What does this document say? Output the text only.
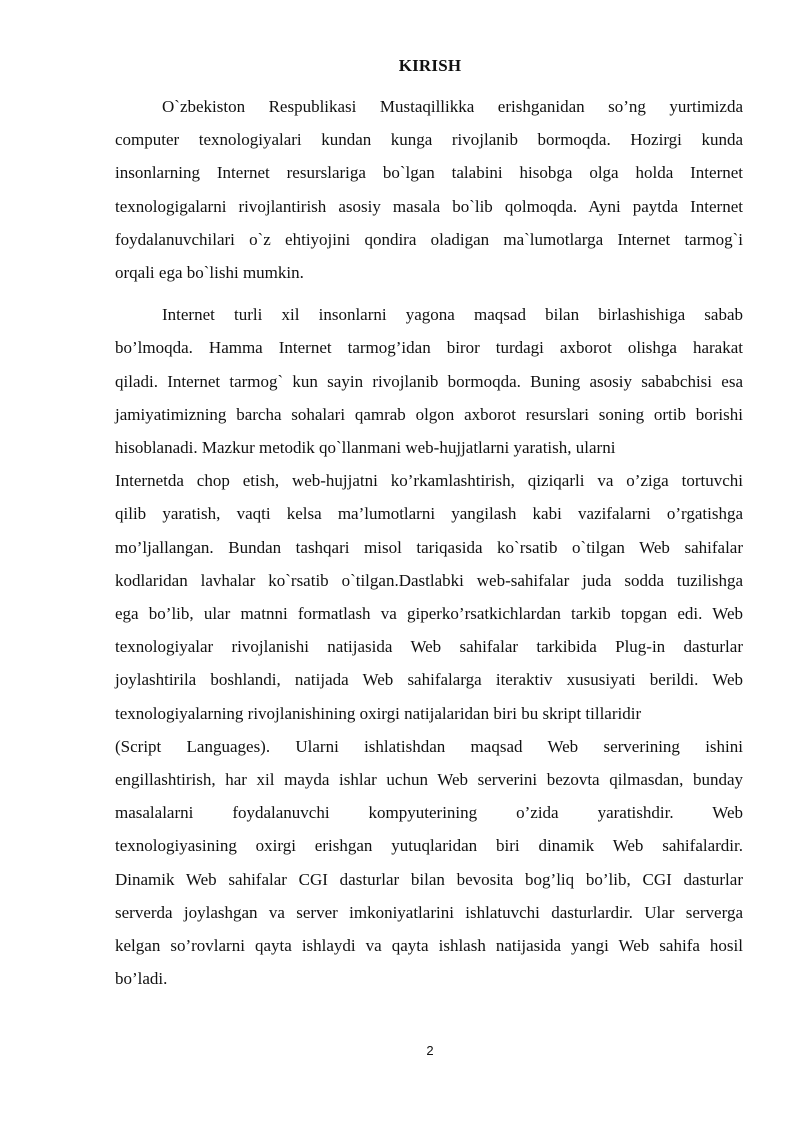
KIRISH

O`zbekiston Respublikasi Mustaqillikka erishganidan so’ng yurtimizda
computer texnologiyalari kundan kunga rivojlanib bormoqda. Hozirgi kunda
insonlarning Internet resurslariga bo`lgan talabini hisobga olga holda Internet
texnologigalarni rivojlantirish asosiy masala bo`lib qolmoqda. Ayni paytda Internet
foydalanuvchilari o`z ehtiyojini qondira oladigan ma`lumotlarga Internet tarmog`i
orqali ega bo`lishi mumkin.

Internet turli xil insonlarni yagona maqsad bilan birlashishiga sabab
bo’lmoqda. Hamma Internet tarmog’idan biror turdagi axborot olishga harakat
qiladi. Internet tarmog` kun sayin rivojlanib bormoqda. Buning asosiy sababchisi esa
jamiyatimizning barcha sohalari qamrab olgon axborot resurslari soning ortib borishi
hisoblanadi. Mazkur metodik qo`llanmani web-hujjatlarni yaratish, ularni

Internetda chop etish, web-hujjatni ko’rkamlashtirish, qiziqarli va o’ziga tortuvchi
qilib yaratish, vaqti kelsa ma’lumotlarni yangilash kabi vazifalarni o’rgatishga
mo’ljallangan. Bundan tashqari misol tariqasida ko`rsatib o`tilgan Web sahifalar
kodlaridan lavhalar ko`rsatib o`tilgan.Dastlabki web-sahifalar juda sodda tuzilishga
ega bo’lib, ular matnni formatlash va giperko’rsatkichlardan tarkib topgan edi. Web
texnologiyalar rivojlanishi natijasida Web sahifalar tarkibida Plug-in dasturlar
joylashtirila boshlandi, natijada Web sahifalarga iteraktiv xususiyati berildi. Web
texnologiyalarning rivojlanishining oxirgi natijalaridan biri bu skript tillaridir

(Script Languages). Ularni ishlatishdan maqsad Web serverining ishini
engillashtirish, har xil mayda ishlar uchun Web serverini bezovta qilmasdan, bunday
masalalarni foydalanuvchi kompyuterining o’zida yaratishdir. Web
texnologiyasining oxirgi erishgan yutuqlaridan biri dinamik Web sahifalardir.
Dinamik Web sahifalar CGI dasturlar bilan bevosita bog’liq bo’lib, CGI dasturlar
serverda joylashgan va server imkoniyatlarini ishlatuvchi dasturlardir. Ular serverga
kelgan so’rovlarni qayta ishlaydi va qayta ishlash natijasida yangi Web sahifa hosil
bo’ladi.

2
